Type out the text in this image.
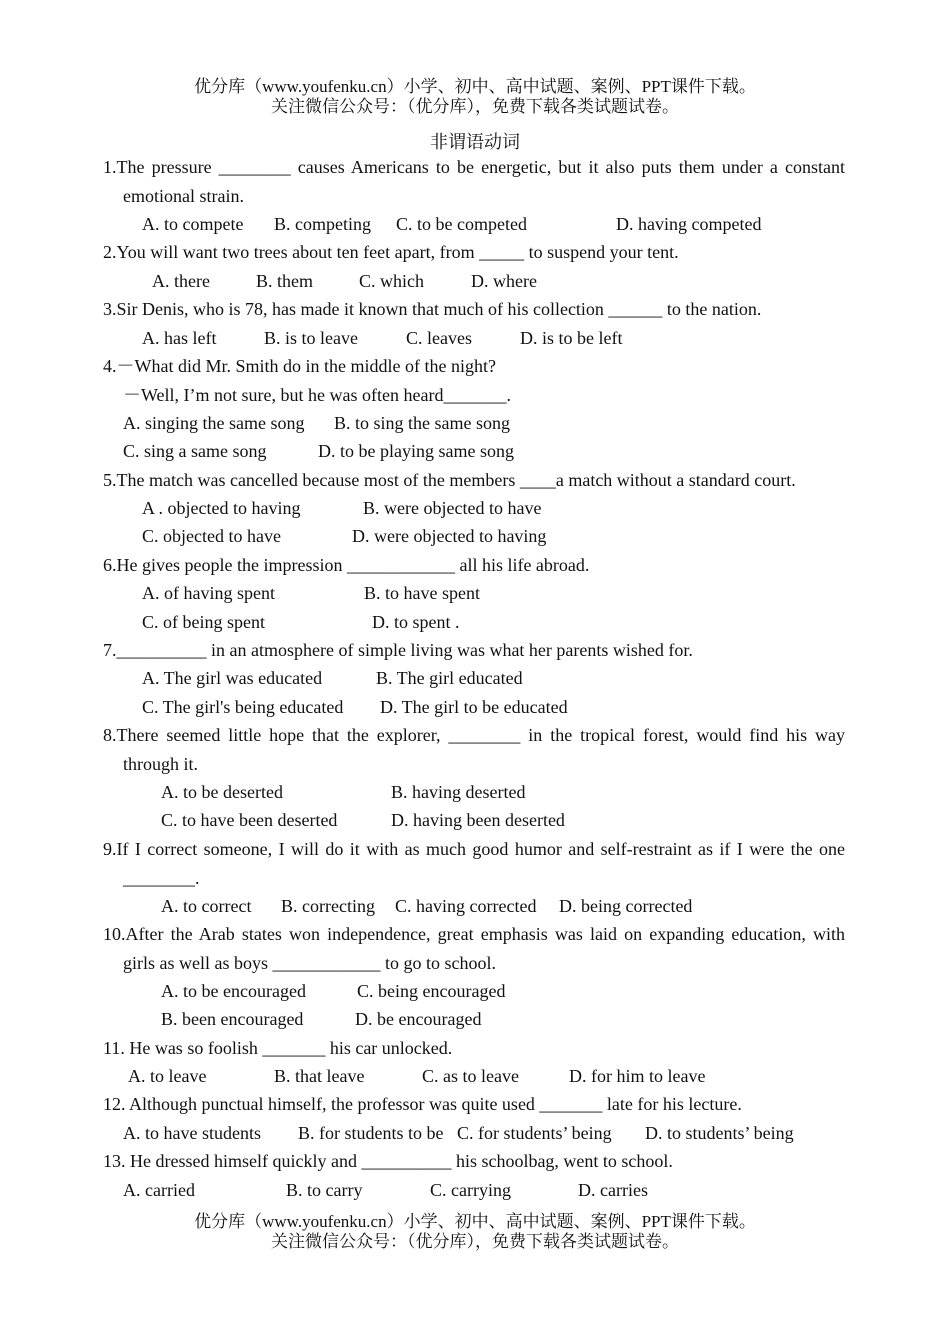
优分库（www.youfenku.cn）小学、初中、高中试题、案例、PPT课件下载。
关注微信公众号：（优分库），免费下载各类试题试卷。
非谓语动词
1.The pressure ________ causes Americans to be energetic, but it also puts them under a constant emotional strain.
A. to compete B. competing C. to be competed	D. having competed
2.You will want two trees about ten feet apart, from _____ to suspend your tent.
A. there	B. them	C. which	D. where
3.Sir Denis, who is 78, has made it known that much of his collection ______ to the nation.
A. has left	B. is to leave	C. leaves	D. is to be left
4.－What did Mr. Smith do in the middle of the night?
－Well, I’m not sure, but he was often heard_______.
A. singing the same song B. to sing the same song
C. sing a same song	D. to be playing same song
5.The match was cancelled because most of the members ____a match without a standard court.
A . objected to having	B. were objected to have
C. objected to have	D. were objected to having
6.He gives people the impression ____________ all his life abroad.
A. of having spent	B. to have spent
C. of being spent	D. to spent .
7.__________ in an atmosphere of simple living was what her parents wished for.
A. The girl was educated	B. The girl educated
C. The girl's being educated D. The girl to be educated
8.There seemed little hope that the explorer, ________ in the tropical forest, would find his way through it.
A. to be deserted	B. having deserted
C. to have been deserted	D. having been deserted
9.If I correct someone, I will do it with as much good humor and self-restraint as if I were the one ________.
A. to correct B. correcting C. having corrected D. being corrected
10.After the Arab states won independence, great emphasis was laid on expanding education, with girls as well as boys ____________ to go to school.
A. to be encouraged	C. being encouraged
B. been encouraged	D. be encouraged
11. He was so foolish _______ his car unlocked.
A. to leave	B. that leave	C. as to leave	D. for him to leave
12. Although punctual himself, the professor was quite used _______ late for his lecture.
A. to have students B. for students to be C. for students’ being D. to students’ being
13. He dressed himself quickly and __________ his schoolbag, went to school.
A. carried	B. to carry	C. carrying	D. carries
优分库（www.youfenku.cn）小学、初中、高中试题、案例、PPT课件下载。
关注微信公众号：（优分库），免费下载各类试题试卷。
